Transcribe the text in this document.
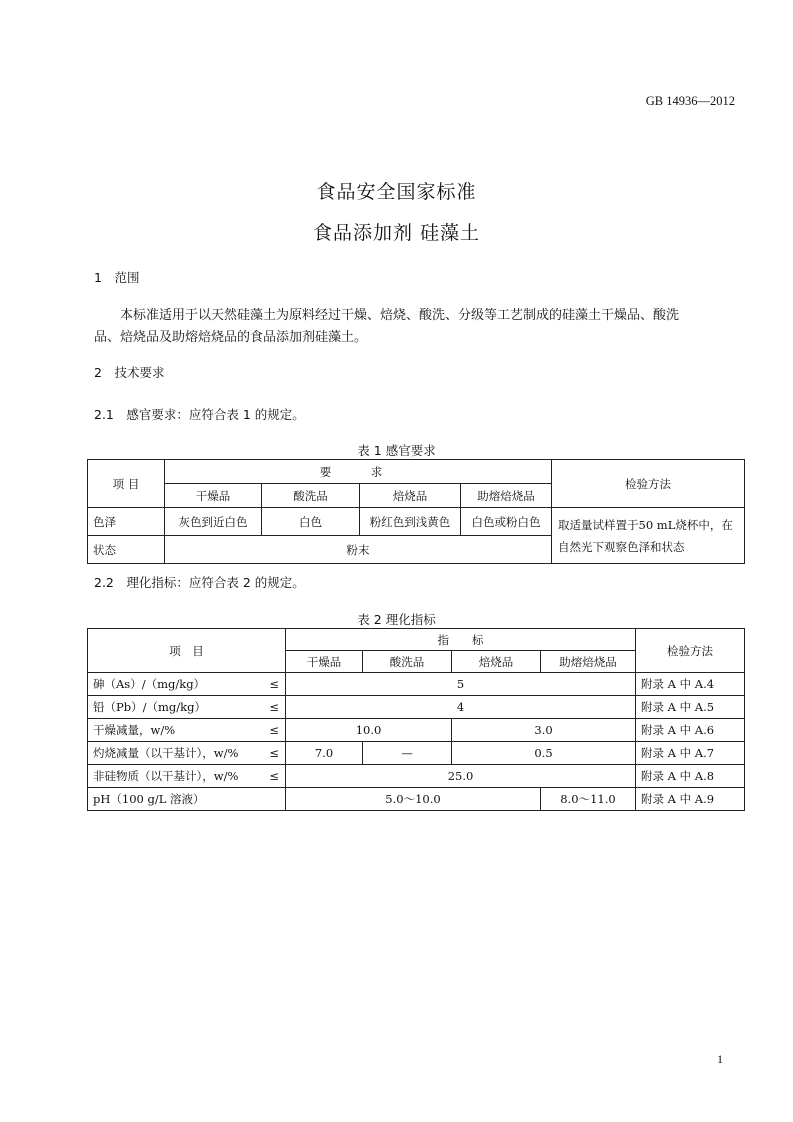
GB 14936—2012
食品安全国家标准
食品添加剂 硅藻土
1　范围
本标准适用于以天然硅藻土为原料经过干燥、焙烧、酸洗、分级等工艺制成的硅藻土干燥品、酸洗
品、焙烧品及助熔焙烧品的食品添加剂硅藻土。
2　技术要求
2.1　感官要求：应符合表 1 的规定。
表 1 感官要求
项 目	要　求				检验方法
	干燥品	酸洗品	焙烧品	助熔焙烧品	
色泽	灰色到近白色	白色	粉红色到浅黄色	白色或粉白色	取适量试样置于50 mL烧杯中，在自然光下观察色泽和状态
状态	粉末				
2.2　理化指标：应符合表 2 的规定。
表 2 理化指标
项　目		指　　标				检验方法
		干燥品	酸洗品	焙烧品	助熔焙烧品	
砷（As）/（mg/kg）	≤	5				附录 A 中 A.4
铅（Pb）/（mg/kg）	≤	4				附录 A 中 A.5
干燥减量，w/%	≤	10.0		3.0		附录 A 中 A.6
灼烧减量（以干基计），w/%	≤	7.0	—	0.5		附录 A 中 A.7
非硅物质（以干基计），w/%	≤	25.0				附录 A 中 A.8
pH（100 g/L 溶液）		5.0～10.0			8.0～11.0	附录 A 中 A.9
1
